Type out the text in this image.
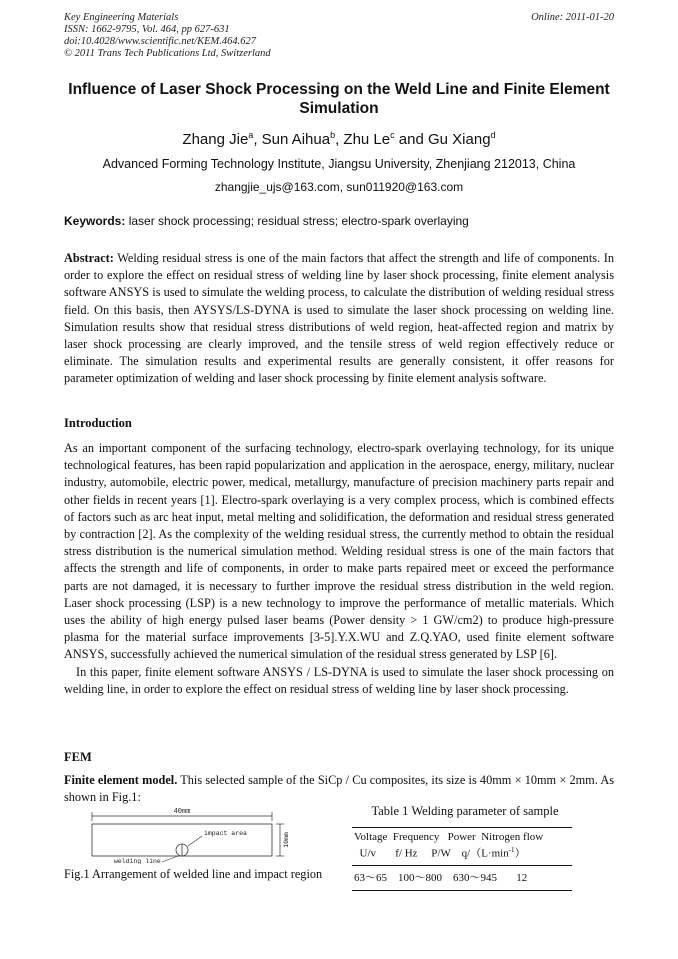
Key Engineering Materials
ISSN: 1662-9795, Vol. 464, pp 627-631
doi:10.4028/www.scientific.net/KEM.464.627
© 2011 Trans Tech Publications Ltd, Switzerland
Online: 2011-01-20
Influence of Laser Shock Processing on the Weld Line and Finite Element Simulation
Zhang Jie$^a$, Sun Aihua$^b$, Zhu Le$^c$ and Gu Xiang$^d$
Advanced Forming Technology Institute, Jiangsu University, Zhenjiang 212013, China
zhangjie_ujs@163.com, sun011920@163.com
Keywords: laser shock processing; residual stress; electro-spark overlaying
Abstract: Welding residual stress is one of the main factors that affect the strength and life of components. In order to explore the effect on residual stress of welding line by laser shock processing, finite element analysis software ANSYS is used to simulate the welding process, to calculate the distribution of welding residual stress field. On this basis, then AYSYS/LS-DYNA is used to simulate the laser shock processing on welding line. Simulation results show that residual stress distributions of weld region, heat-affected region and matrix by laser shock processing are clearly improved, and the tensile stress of weld region effectively reduce or eliminate. The simulation results and experimental results are generally consistent, it offer reasons for parameter optimization of welding and laser shock processing by finite element analysis software.
Introduction

As an important component of the surfacing technology, electro-spark overlaying technology, for its unique technological features, has been rapid popularization and application in the aerospace, energy, military, nuclear industry, automobile, electric power, medical, metallurgy, manufacture of precision machinery parts repair and other fields in recent years [1]. Electro-spark overlaying is a very complex process, which is combined effects of factors such as arc heat input, metal melting and solidification, the deformation and residual stress generated by contraction [2]. As the complexity of the welding residual stress, the currently method to obtain the residual stress distribution is the numerical simulation method. Welding residual stress is one of the main factors that affects the strength and life of components, in order to make parts repaired meet or exceed the performance parts are not damaged, it is necessary to further improve the residual stress distribution in the weld region. Laser shock processing (LSP) is a new technology to improve the performance of metallic materials. Which uses the ability of high energy pulsed laser beams (Power density > 1 GW/cm2) to produce high-pressure plasma for the material surface improvements [3-5].Y.X.WU and Z.Q.YAO, used finite element software ANSYS, successfully achieved the numerical simulation of the residual stress generated by LSP [6].

In this paper, finite element software ANSYS / LS-DYNA is used to simulate the laser shock processing on welding line, in order to explore the effect on residual stress of welding line by laser shock processing.

FEM
Finite element model. This selected sample of the SiCp / Cu composites, its size is 40mm × 10mm × 2mm. As shown in Fig.1:
40mm
10mm
impact area
welding line
Fig.1 Arrangement of welded line and impact region
Table 1 Welding parameter of sample
Voltage  Frequency   Power  Nitrogen flow
U/v       f/ Hz     P/W    $q/(L\cdot\min^{-1})$
63～65    100～800    630～945       12
